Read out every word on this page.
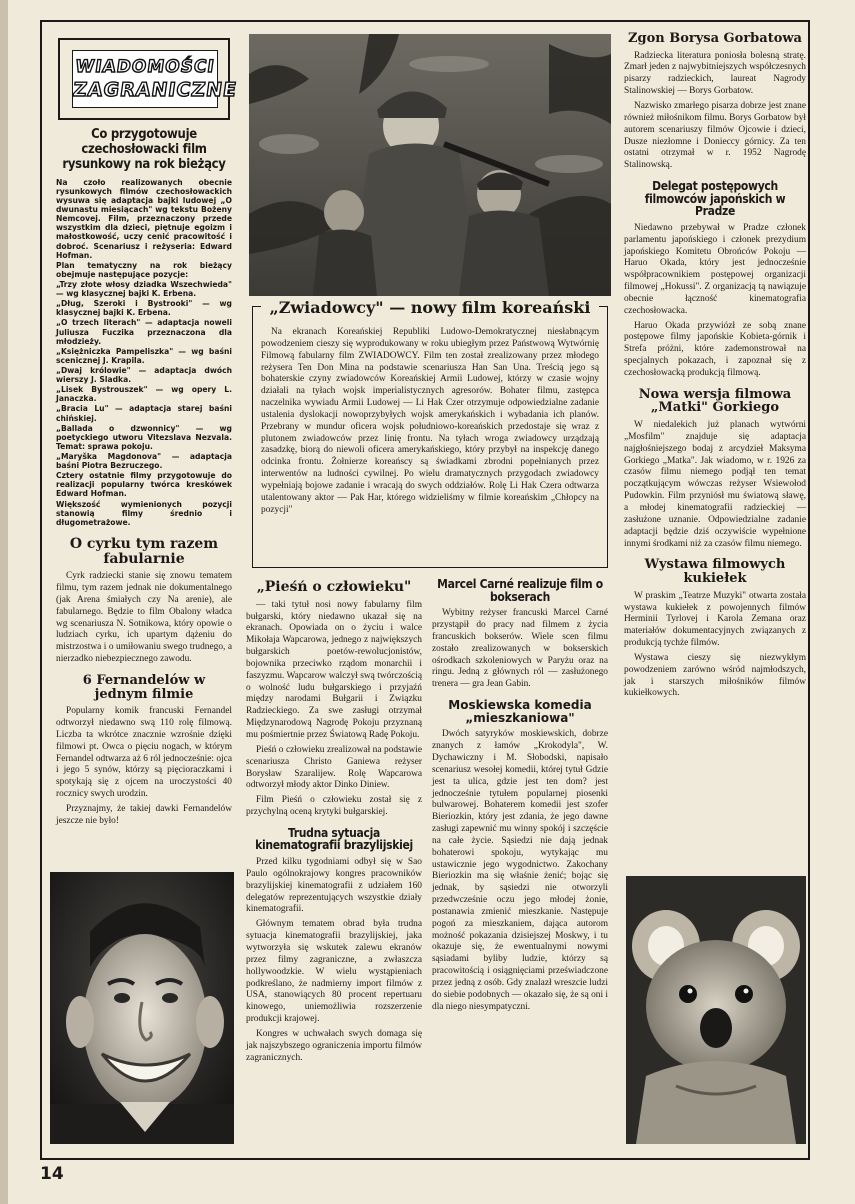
WIADOMOŚCI
ZAGRANICZNE
Co przygotowuje czechosłowacki film rysunkowy na rok bieżący

Na czoło realizowanych obecnie rysunkowych filmów czechosłowackich wysuwa się adaptacja bajki ludowej „O dwunastu miesiącach" wg tekstu Bożeny Nemcovej. Film, przeznaczony przede wszystkim dla dzieci, piętnuje egoizm i małostkowość, uczy cenić pracowitość i dobroć. Scenariusz i reżyseria: Edward Hofman.

Plan tematyczny na rok bieżący obejmuje następujące pozycje:

„Trzy złote włosy dziadka Wszechwieda" — wg klasycznej bajki K. Erbena.

„Dług, Szeroki i Bystrooki" — wg klasycznej bajki K. Erbena.

„O trzech literach" — adaptacja noweli Juliusza Fuczika przeznaczona dla młodzieży.

„Księżniczka Pampeliszka" — wg baśni scenicznej J. Krapila.

„Dwaj królowie" — adaptacja dwóch wierszy J. Sladka.

„Lisek Bystrouszek" — wg opery L. Janaczka.

„Bracia Lu" — adaptacja starej baśni chińskiej.

„Ballada o dzwonnicy" — wg poetyckiego utworu Vitezslava Nezvala. Temat: sprawa pokoju.

„Maryška Magdonova" — adaptacja baśni Piotra Bezruczego.

Cztery ostatnie filmy przygotowuje do realizacji popularny twórca kreskówek Edward Hofman.

Większość wymienionych pozycji stanowią filmy średnio i długometrażowe.

O cyrku tym razem fabularnie

Cyrk radziecki stanie się znowu tematem filmu, tym razem jednak nie dokumentalnego (jak Arena śmiałych czy Na arenie), ale fabularnego. Będzie to film Obalony władca wg scenariusza N. Sotnikowa, który opowie o ludziach cyrku, ich upartym dążeniu do mistrzostwa i o umiłowaniu swego trudnego, a nierzadko niebezpiecznego zawodu.

6 Fernandelów w jednym filmie

Popularny komik francuski Fernandel odtworzył niedawno swą 110 rolę filmową. Liczba ta wkrótce znacznie wzrośnie dzięki filmowi pt. Owca o pięciu nogach, w którym Fernandel odtwarza aż 6 ról jednocześnie: ojca i jego 5 synów, którzy są pięcioraczkami i spotykają się z ojcem na uroczystości 40 rocznicy swych urodzin.

Przyznajmy, że takiej dawki Fernandelów jeszcze nie było!

„Zwiadowcy" — nowy film koreański

Na ekranach Koreańskiej Republiki Ludowo-Demokratycznej niesłabnącym powodzeniem cieszy się wyprodukowany w roku ubiegłym przez Państwową Wytwórnię Filmową fabularny film ZWIADOWCY. Film ten został zrealizowany przez młodego reżysera Ten Don Mina na podstawie scenariusza Han San Una. Treścią jego są bohaterskie czyny zwiadowców Koreańskiej Armii Ludowej, którzy w czasie wojny działali na tyłach wojsk imperialistycznych agresorów. Bohater filmu, zastępca naczelnika wywiadu Armii Ludowej — Li Hak Czer otrzymuje odpowiedzialne zadanie ustalenia dyslokacji nowoprzybyłych wojsk amerykańskich i wybadania ich planów. Przebrany w mundur oficera wojsk południowo-koreańskich przedostaje się wraz z plutonem zwiadowców przez linię frontu. Na tyłach wroga zwiadowcy urządzają zasadzkę, biorą do niewoli oficera amerykańskiego, który przybył na inspekcję danego odcinka frontu. Żołnierze koreańscy są świadkami zbrodni popełnianych przez interwentów na ludności cywilnej. Po wielu dramatycznych przygodach zwiadowcy wypełniają bojowe zadanie i wracają do swych oddziałów. Rolę Li Hak Czera odtwarza utalentowany aktor — Pak Har, którego widzieliśmy w filmie koreańskim „Chłopcy na pozycji"

„Pieśń o człowieku"

— taki tytuł nosi nowy fabularny film bułgarski, który niedawno ukazał się na ekranach. Opowiada on o życiu i walce Mikołaja Wapcarowa, jednego z największych bułgarskich poetów-rewolucjonistów, bojownika przeciwko rządom monarchii i faszyzmu. Wapcarow walczył swą twórczością o wolność ludu bułgarskiego i przyjaźń między narodami Bułgarii i Związku Radzieckiego. Za swe zasługi otrzymał Międzynarodową Nagrodę Pokoju przyznaną mu pośmiertnie przez Światową Radę Pokoju.

Pieśń o człowieku zrealizował na podstawie scenariusza Christo Ganiewa reżyser Borysław Szaralijew. Rolę Wapcarowa odtworzył młody aktor Dinko Diniew.

Film Pieśń o człowieku został się z przychylną oceną krytyki bułgarskiej.

Trudna sytuacja kinematografii brazylijskiej

Przed kilku tygodniami odbył się w Sao Paulo ogólnokrajowy kongres pracowników brazylijskiej kinematografii z udziałem 160 delegatów reprezentujących wszystkie działy kinematografii.

Głównym tematem obrad była trudna sytuacja kinematografii brazylijskiej, jaka wytworzyła się wskutek zalewu ekranów przez filmy zagraniczne, a zwłaszcza hollywoodzkie. W wielu wystąpieniach podkreślano, że nadmierny import filmów z USA, stanowiących 80 procent repertuaru kinowego, uniemożliwia rozszerzenie produkcji krajowej.

Kongres w uchwałach swych domaga się jak najszybszego ograniczenia importu filmów zagranicznych.

Marcel Carné realizuje film o bokserach

Wybitny reżyser francuski Marcel Carné przystąpił do pracy nad filmem z życia francuskich bokserów. Wiele scen filmu zostało zrealizowanych w bokserskich ośrodkach szkoleniowych w Paryżu oraz na ringu. Jedną z głównych ról — zasłużonego trenera — gra Jean Gabin.

Moskiewska komedia „mieszkaniowa"

Dwóch satyryków moskiewskich, dobrze znanych z łamów „Krokodyla", W. Dychawiczny i M. Słobodski, napisało scenariusz wesołej komedii, której tytuł Gdzie jest ta ulica, gdzie jest ten dom? jest jednocześnie tytułem popularnej piosenki bulwarowej. Bohaterem komedii jest szofer Bieriozkin, który jest zdania, że jego dawne zasługi zapewnić mu winny spokój i szczęście na całe życie. Sąsiedzi nie dają jednak bohaterowi spokoju, wytykając mu ustawicznie jego wygodnictwo. Zakochany Bieriozkin ma się właśnie żenić; bojąc się jednak, by sąsiedzi nie otworzyli przedwcześnie oczu jego młodej żonie, postanawia zmienić mieszkanie. Następuje pogoń za mieszkaniem, dająca autorom możność pokazania dzisiejszej Moskwy, i tu okazuje się, że ewentualnymi nowymi sąsiadami byliby ludzie, którzy są pracowitością i osiągnięciami przeświadczone przez jedną z osób. Gdy znalazł wreszcie ludzi do siebie podobnych — okazało się, że są oni i dla niego niesympatyczni.

Zgon Borysa Gorbatowa

Radziecka literatura poniosła bolesną stratę. Zmarł jeden z najwybitniejszych współczesnych pisarzy radzieckich, laureat Nagrody Stalinowskiej — Borys Gorbatow.

Nazwisko zmarłego pisarza dobrze jest znane również miłośnikom filmu. Borys Gorbatow był autorem scenariuszy filmów Ojcowie i dzieci, Dusze niezłomne i Donieccy górnicy. Za ten ostatni otrzymał w r. 1952 Nagrodę Stalinowską.

Delegat postępowych filmowców japońskich w Pradze

Niedawno przebywał w Pradze członek parlamentu japońskiego i członek prezydium japońskiego Komitetu Obrońców Pokoju — Haruo Okada, który jest jednocześnie współpracownikiem postępowej organizacji filmowej „Hokussi". Z organizacją tą nawiązuje obecnie łączność kinematografia czechosłowacka.

Haruo Okada przywiózł ze sobą znane postępowe filmy japońskie Kobieta-górnik i Strefa próżni, które zademonstrował na specjalnych pokazach, i zapoznał się z czechosłowacką produkcją filmową.

Nowa wersja filmowa „Matki" Gorkiego

W niedalekich już planach wytwórni „Mosfilm" znajduje się adaptacja najgłośniejszego bodaj z arcydzieł Maksyma Gorkiego „Matka". Jak wiadomo, w r. 1926 za czasów filmu niemego podjął ten temat początkującym wówczas reżyser Wsiewołod Pudowkin. Film przyniósł mu światową sławę, a młodej kinematografii radzieckiej — zasłużone uznanie. Odpowiedzialne zadanie adaptacji będzie dziś oczywiście wypełnione innymi środkami niż za czasów filmu niemego.

Wystawa filmowych kukiełek

W praskim „Teatrze Muzyki" otwarta została wystawa kukiełek z powojennych filmów Herminii Tyrlovej i Karola Zemana oraz materiałów dokumentacyjnych związanych z produkcją tychże filmów.

Wystawa cieszy się niezwykłym powodzeniem zarówno wśród najmłodszych, jak i starszych miłośników filmów kukiełkowych.

14
